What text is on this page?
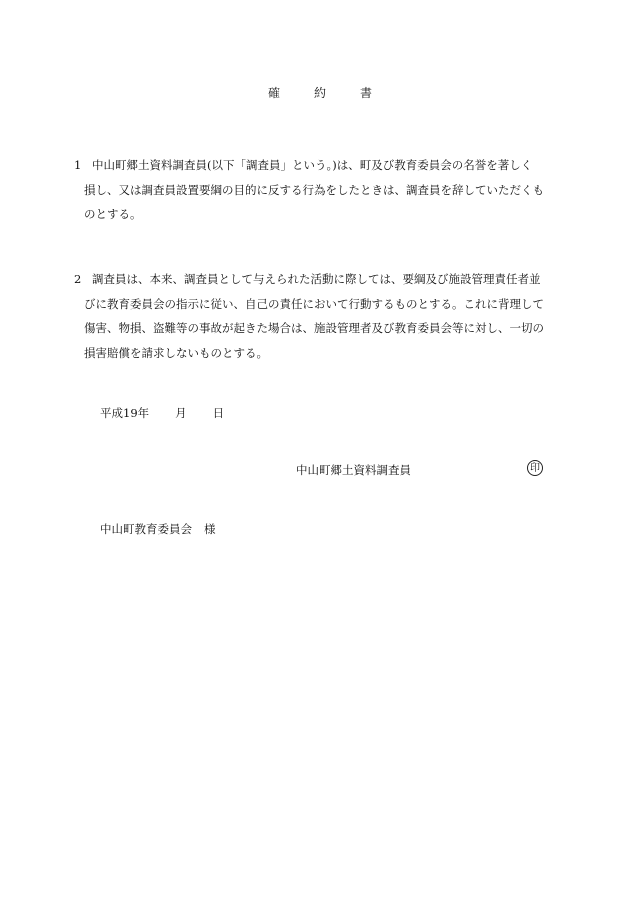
確	約	書
1 中山町郷土資料調査員(以下「調査員」という。)は、町及び教育委員会の名誉を著しく
損し、又は調査員設置要綱の目的に反する行為をしたときは、調査員を辞していただくも
のとする。
2 調査員は、本来、調査員として与えられた活動に際しては、要綱及び施設管理責任者並
びに教育委員会の指示に従い、自己の責任において行動するものとする。これに背理して
傷害、物損、盗難等の事故が起きた場合は、施設管理者及び教育委員会等に対し、一切の
損害賠償を請求しないものとする。
平成19年 月 日
中山町郷土資料調査員	印
中山町教育委員会 様
